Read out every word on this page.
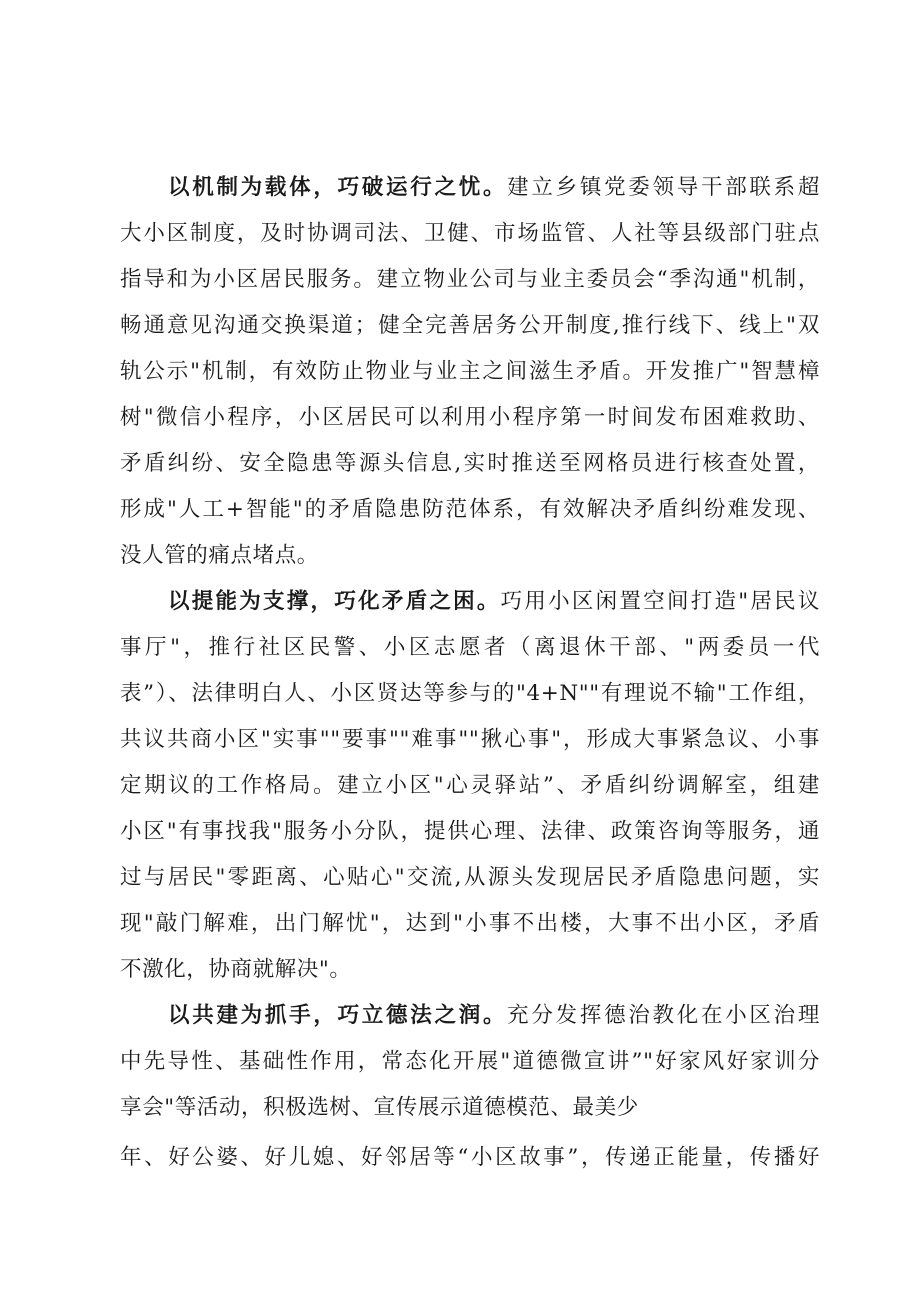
以机制为载体，巧破运行之忧。建立乡镇党委领导干部联系超
大小区制度，及时协调司法、卫健、市场监管、人社等县级部门驻点
指导和为小区居民服务。建立物业公司与业主委员会“季沟通"机制，
畅通意见沟通交换渠道；健全完善居务公开制度,推行线下、线上"双
轨公示"机制，有效防止物业与业主之间滋生矛盾。开发推广"智慧樟
树"微信小程序，小区居民可以利用小程序第一时间发布困难救助、
矛盾纠纷、安全隐患等源头信息,实时推送至网格员进行核查处置，
形成"人工+智能"的矛盾隐患防范体系，有效解决矛盾纠纷难发现、
没人管的痛点堵点。
以提能为支撑，巧化矛盾之困。巧用小区闲置空间打造"居民议
事厅"，推行社区民警、小区志愿者（离退休干部、"两委员一代
表”）、法律明白人、小区贤达等参与的"4+N""有理说不输"工作组，
共议共商小区"实事""要事""难事""揪心事"，形成大事紧急议、小事
定期议的工作格局。建立小区"心灵驿站”、矛盾纠纷调解室，组建
小区"有事找我"服务小分队，提供心理、法律、政策咨询等服务，通
过与居民"零距离、心贴心"交流,从源头发现居民矛盾隐患问题，实
现"敲门解难，出门解忧"，达到"小事不出楼，大事不出小区，矛盾
不激化，协商就解决"。
以共建为抓手，巧立德法之润。充分发挥德治教化在小区治理
中先导性、基础性作用，常态化开展"道德微宣讲”"好家风好家训分
享会"等活动，积极选树、宣传展示道德模范、最美少
年、好公婆、好儿媳、好邻居等“小区故事”，传递正能量，传播好
